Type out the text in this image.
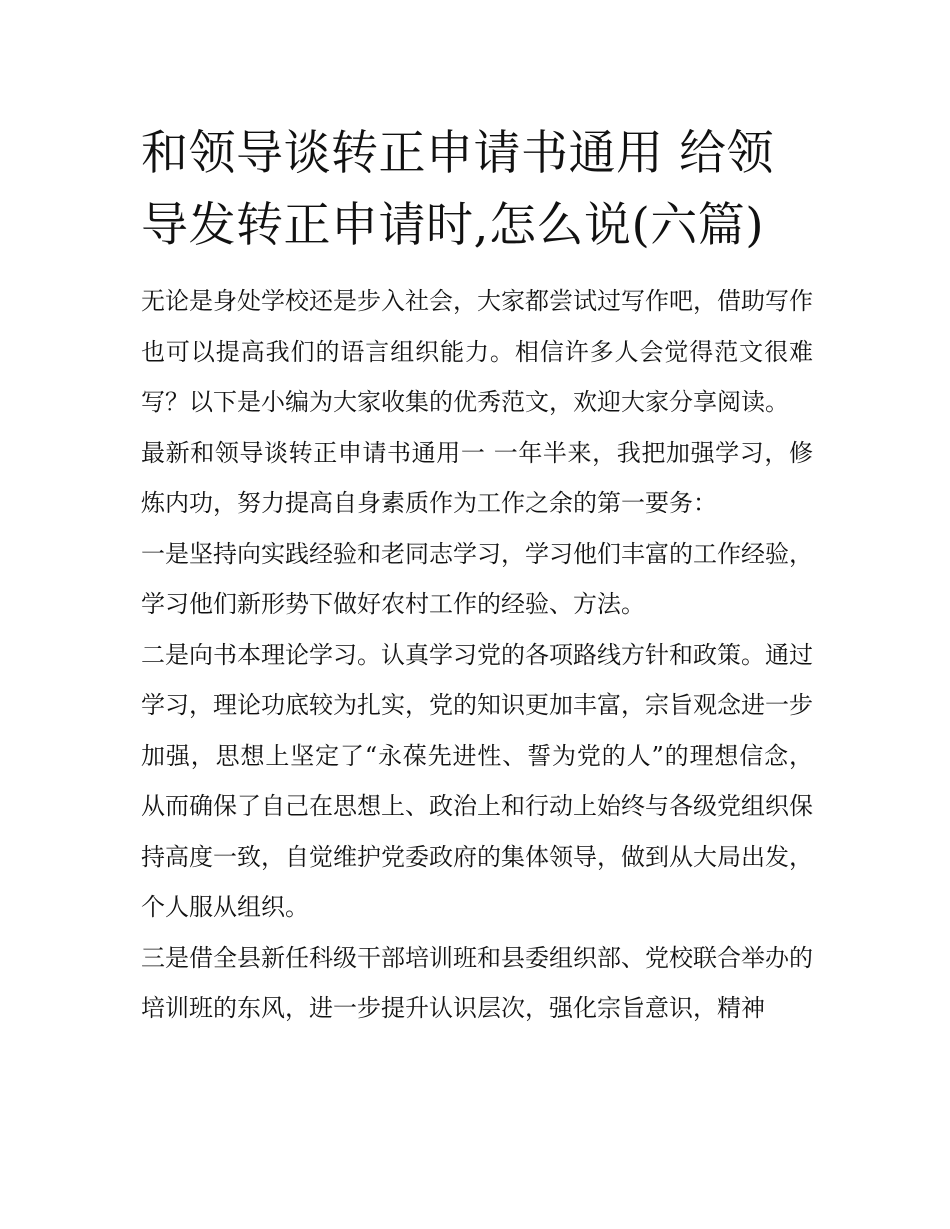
和领导谈转正申请书通用 给领导发转正申请时,怎么说(六篇)

无论是身处学校还是步入社会，大家都尝试过写作吧，借助写作也可以提高我们的语言组织能力。相信许多人会觉得范文很难写？以下是小编为大家收集的优秀范文，欢迎大家分享阅读。

最新和领导谈转正申请书通用一 一年半来，我把加强学习，修炼内功，努力提高自身素质作为工作之余的第一要务：

一是坚持向实践经验和老同志学习，学习他们丰富的工作经验，学习他们新形势下做好农村工作的经验、方法。

二是向书本理论学习。认真学习党的各项路线方针和政策。通过学习，理论功底较为扎实，党的知识更加丰富，宗旨观念进一步加强，思想上坚定了“永葆先进性、誓为党的人”的理想信念，从而确保了自己在思想上、政治上和行动上始终与各级党组织保持高度一致，自觉维护党委政府的集体领导，做到从大局出发，个人服从组织。

三是借全县新任科级干部培训班和县委组织部、党校联合举办的培训班的东风，进一步提升认识层次，强化宗旨意识，精神
